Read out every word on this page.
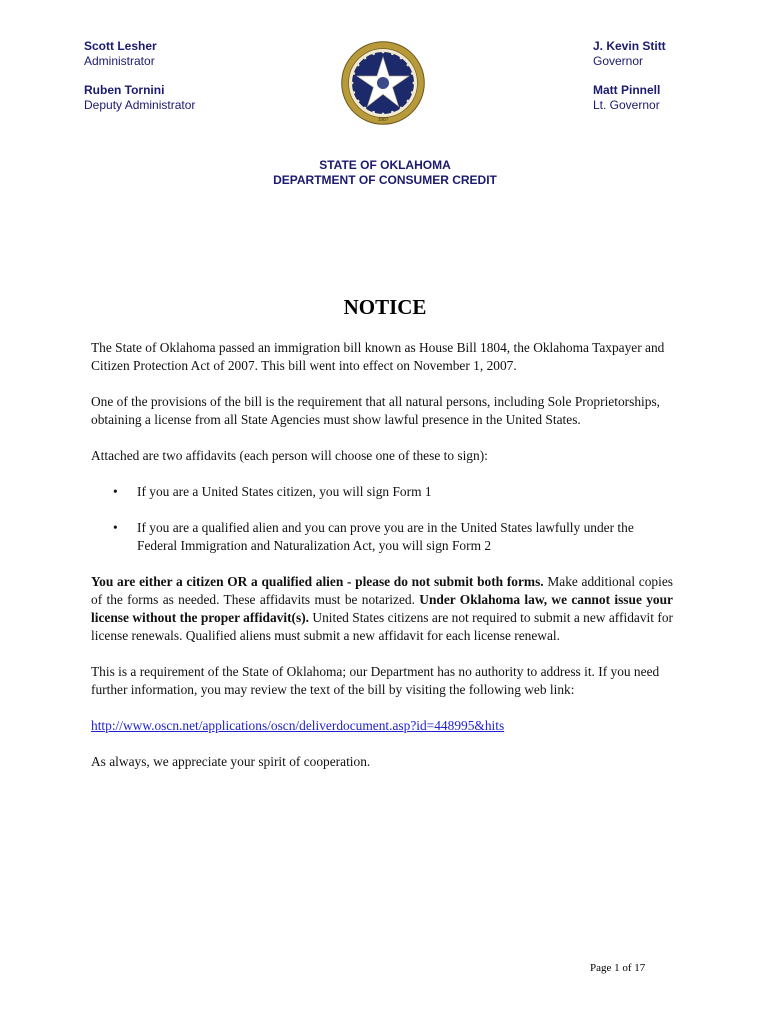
Scott Lesher
Administrator
Ruben Tornini
Deputy Administrator
J. Kevin Stitt
Governor
Matt Pinnell
Lt. Governor
1907
STATE OF OKLAHOMA
DEPARTMENT OF CONSUMER CREDIT
NOTICE

The State of Oklahoma passed an immigration bill known as House Bill 1804, the Oklahoma Taxpayer and Citizen Protection Act of 2007. This bill went into effect on November 1, 2007.

One of the provisions of the bill is the requirement that all natural persons, including Sole Proprietorships, obtaining a license from all State Agencies must show lawful presence in the United States.

Attached are two affidavits (each person will choose one of these to sign):

• If you are a United States citizen, you will sign Form 1
• If you are a qualified alien and you can prove you are in the United States lawfully under the Federal Immigration and Naturalization Act, you will sign Form 2

You are either a citizen OR a qualified alien - please do not submit both forms. Make additional copies of the forms as needed. These affidavits must be notarized. Under Oklahoma law, we cannot issue your license without the proper affidavit(s). United States citizens are not required to submit a new affidavit for license renewals. Qualified aliens must submit a new affidavit for each license renewal.

This is a requirement of the State of Oklahoma; our Department has no authority to address it. If you need further information, you may review the text of the bill by visiting the following web link:

http://www.oscn.net/applications/oscn/deliverdocument.asp?id=448995&hits

As always, we appreciate your spirit of cooperation.

Page 1 of 17
